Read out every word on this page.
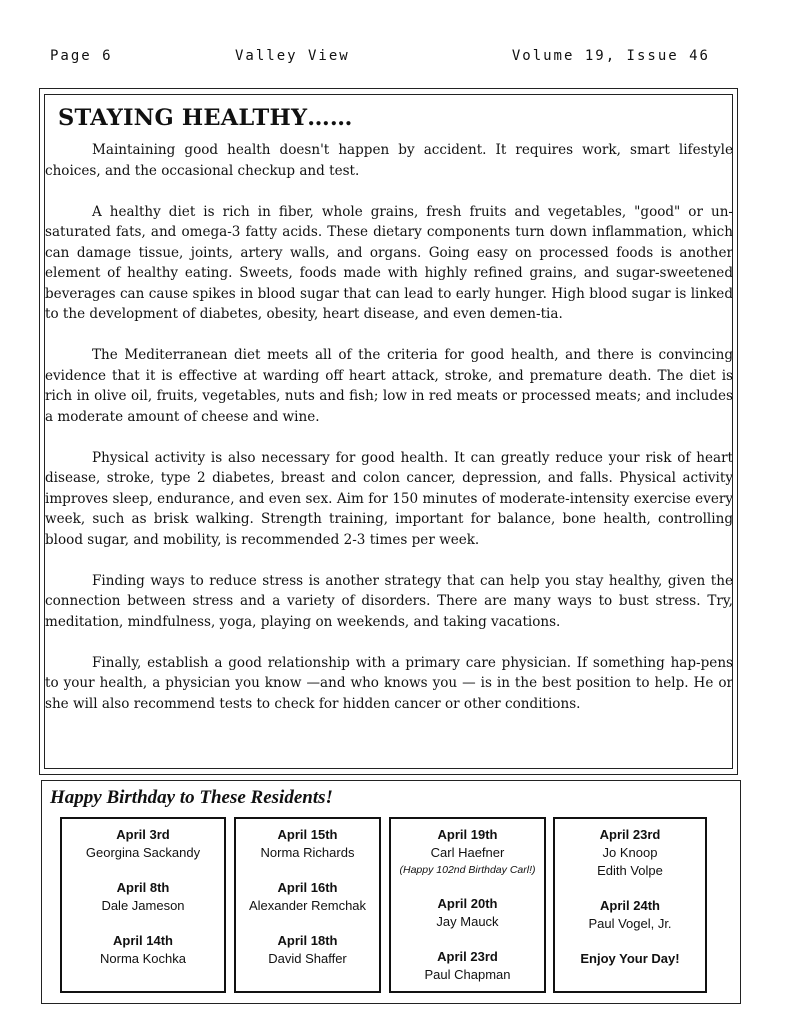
Page 6	Valley View	Volume 19, Issue 46
STAYING HEALTHY……

Maintaining good health doesn't happen by accident. It requires work, smart lifestyle choices, and the occasional checkup and test.

A healthy diet is rich in fiber, whole grains, fresh fruits and vegetables, "good" or un-saturated fats, and omega-3 fatty acids. These dietary components turn down inflammation, which can damage tissue, joints, artery walls, and organs. Going easy on processed foods is another element of healthy eating. Sweets, foods made with highly refined grains, and sugar-sweetened beverages can cause spikes in blood sugar that can lead to early hunger. High blood sugar is linked to the development of diabetes, obesity, heart disease, and even demen-tia.

The Mediterranean diet meets all of the criteria for good health, and there is convincing evidence that it is effective at warding off heart attack, stroke, and premature death. The diet is rich in olive oil, fruits, vegetables, nuts and fish; low in red meats or processed meats; and includes a moderate amount of cheese and wine.

Physical activity is also necessary for good health. It can greatly reduce your risk of heart disease, stroke, type 2 diabetes, breast and colon cancer, depression, and falls. Physical activity improves sleep, endurance, and even sex. Aim for 150 minutes of moderate-intensity exercise every week, such as brisk walking. Strength training, important for balance, bone health, controlling blood sugar, and mobility, is recommended 2-3 times per week.

Finding ways to reduce stress is another strategy that can help you stay healthy, given the connection between stress and a variety of disorders. There are many ways to bust stress. Try, meditation, mindfulness, yoga, playing on weekends, and taking vacations.

Finally, establish a good relationship with a primary care physician. If something hap-pens to your health, a physician you know —and who knows you — is in the best position to help. He or she will also recommend tests to check for hidden cancer or other conditions.

Happy Birthday to These Residents!
April 3rd
Georgina Sackandy
April 8th
Dale Jameson
April 14th
Norma Kochka
April 15th
Norma Richards
April 16th
Alexander Remchak
April 18th
David Shaffer
April 19th
Carl Haefner
(Happy 102nd Birthday Carl!)
April 20th
Jay Mauck
April 23rd
Paul Chapman
April 23rd
Jo Knoop
Edith Volpe
April 24th
Paul Vogel, Jr.
Enjoy Your Day!
